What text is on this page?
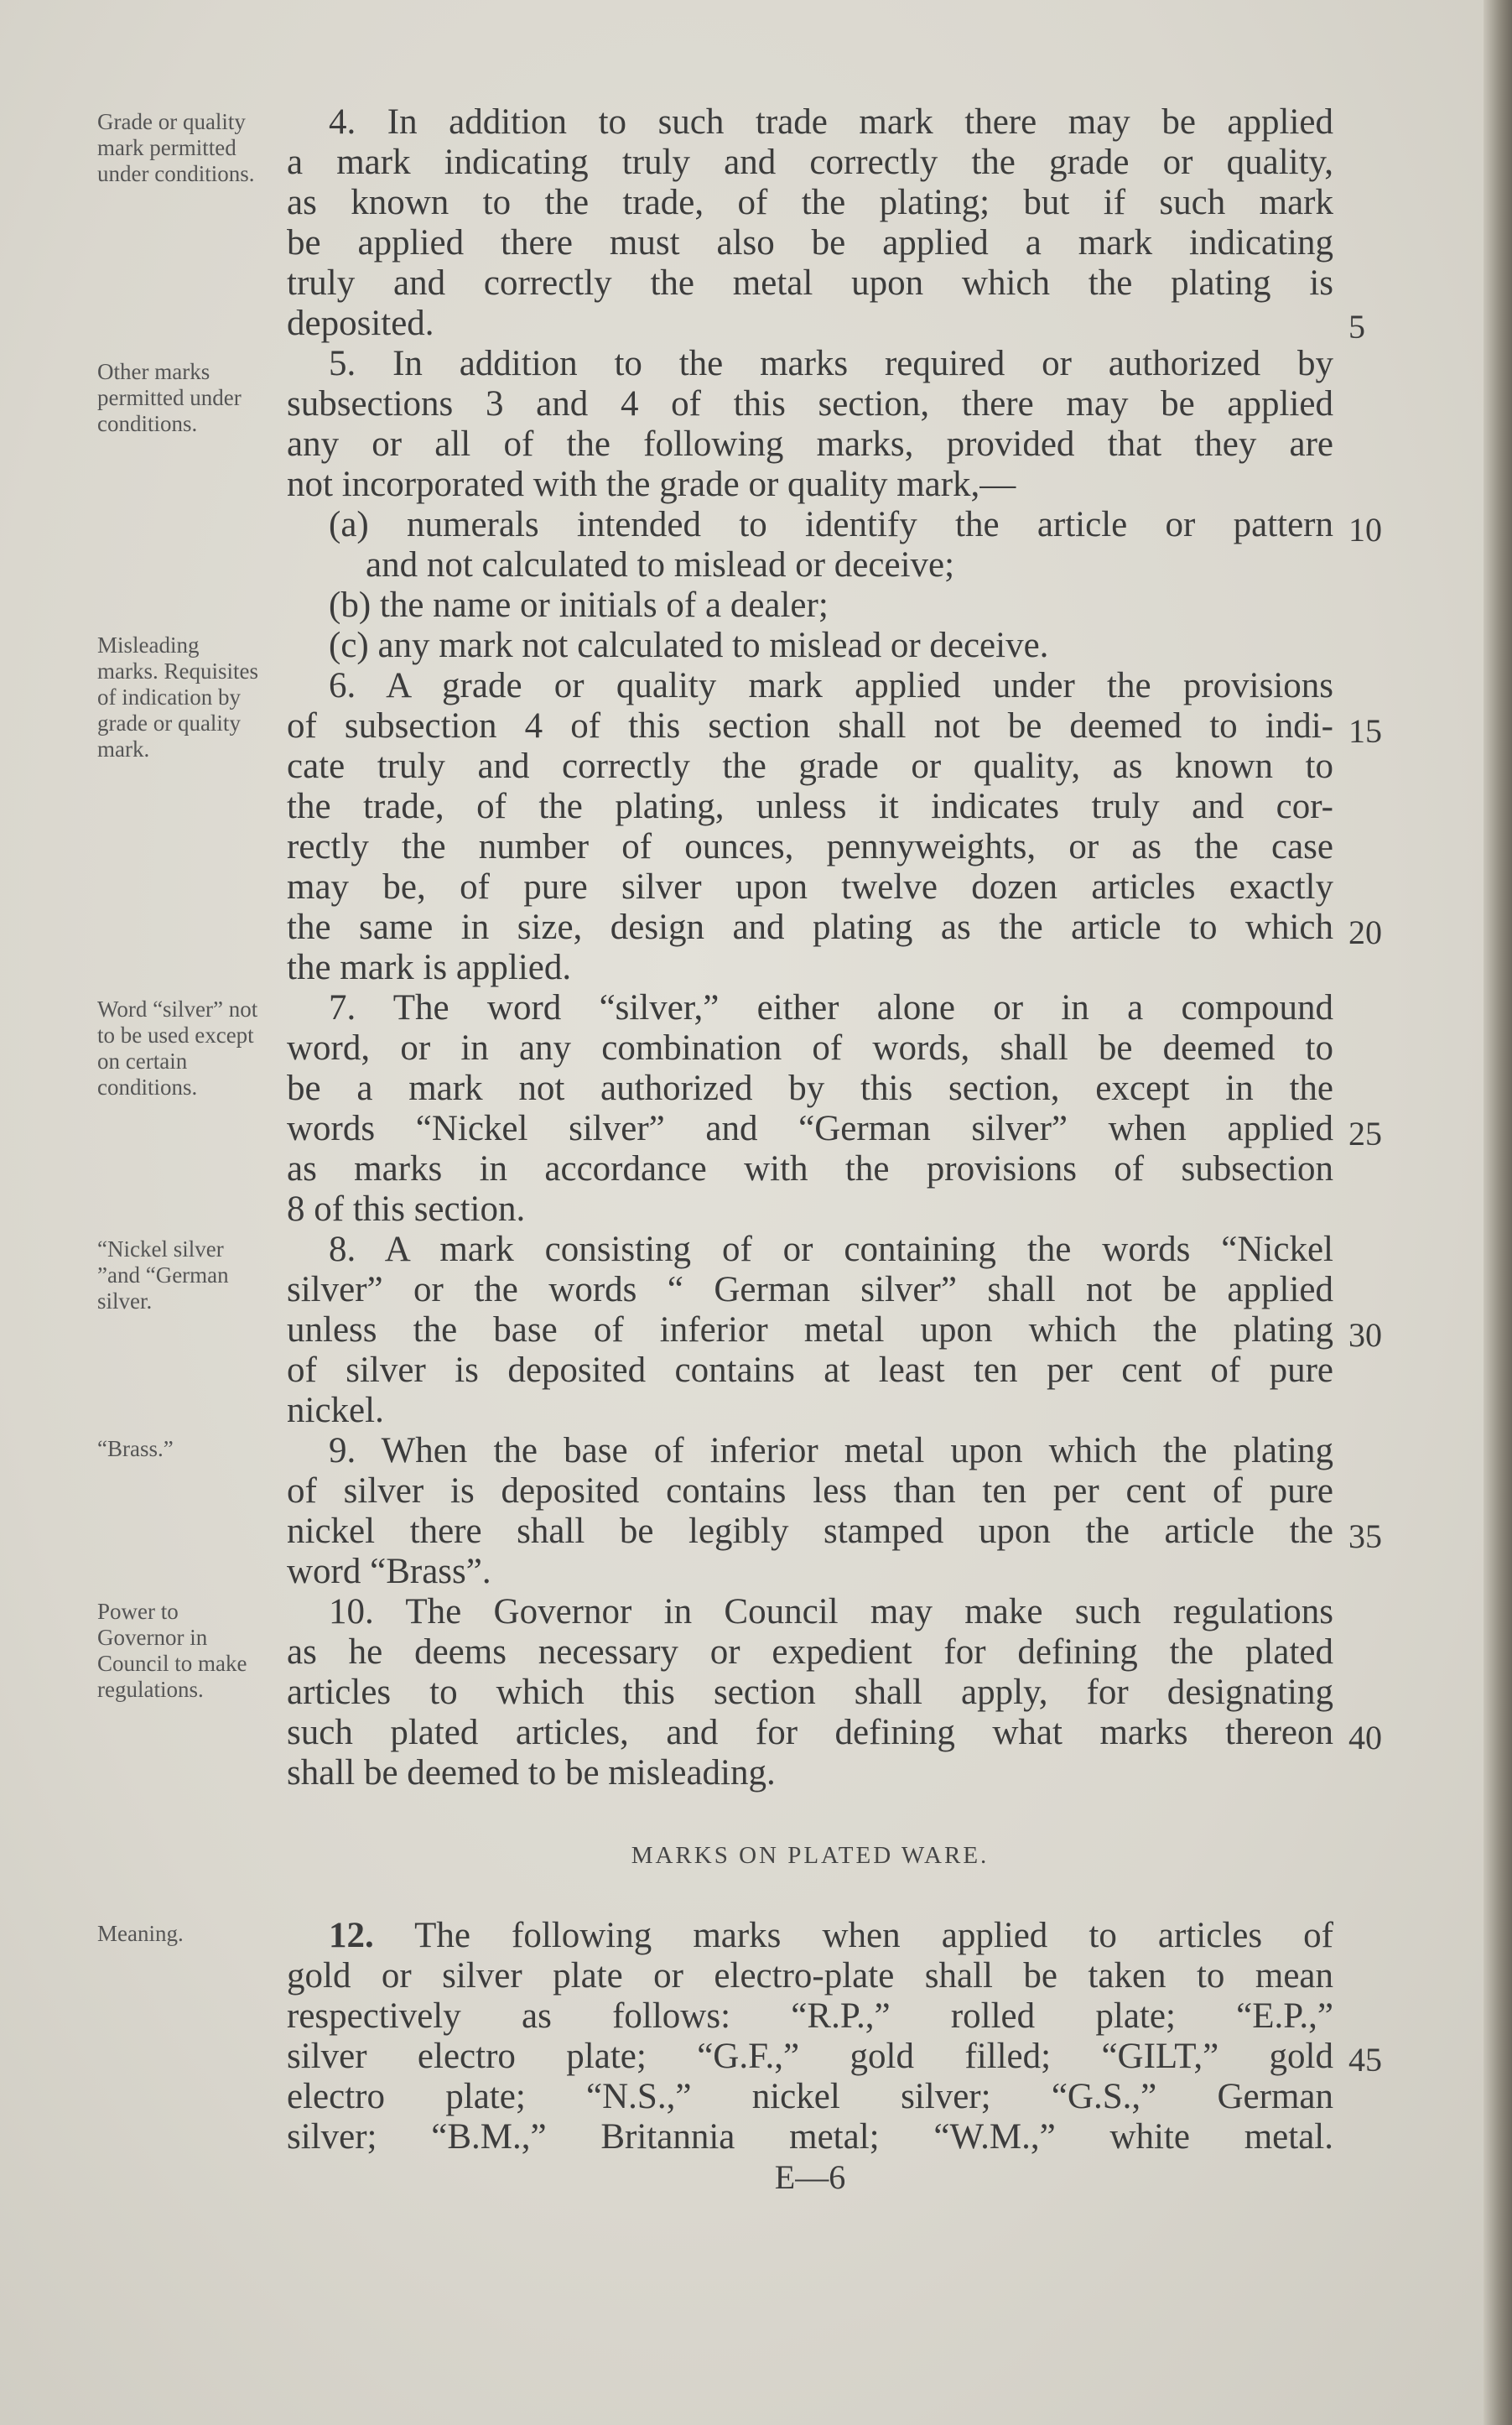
Grade or quality mark permitted under conditions.
Other marks permitted under conditions.
Misleading marks. Requisites of indication by grade or quality mark.
Word “silver” not to be used except on certain conditions.
“Nickel silver ”and “German silver.
“Brass.”
Power to Governor in Council to make regulations.
Meaning.
4. In addition to such trade mark there may be applied
a mark indicating truly and correctly the grade or quality,
as known to the trade, of the plating; but if such mark
be applied there must also be applied a mark indicating
truly and correctly the metal upon which the plating is
deposited.
5. In addition to the marks required or authorized by
subsections 3 and 4 of this section, there may be applied
any or all of the following marks, provided that they are
not incorporated with the grade or quality mark,—
(a) numerals intended to identify the article or pattern
and not calculated to mislead or deceive;
(b) the name or initials of a dealer;
(c) any mark not calculated to mislead or deceive.
6. A grade or quality mark applied under the provisions
of subsection 4 of this section shall not be deemed to indi-
cate truly and correctly the grade or quality, as known to
the trade, of the plating, unless it indicates truly and cor-
rectly the number of ounces, pennyweights, or as the case
may be, of pure silver upon twelve dozen articles exactly
the same in size, design and plating as the article to which
the mark is applied.
7. The word “silver,” either alone or in a compound
word, or in any combination of words, shall be deemed to
be a mark not authorized by this section, except in the
words “Nickel silver” and “German silver” when applied
as marks in accordance with the provisions of subsection
8 of this section.
8. A mark consisting of or containing the words “Nickel
silver” or the words “ German silver” shall not be applied
unless the base of inferior metal upon which the plating
of silver is deposited contains at least ten per cent of pure
nickel.
9. When the base of inferior metal upon which the plating
of silver is deposited contains less than ten per cent of pure
nickel there shall be legibly stamped upon the article the
word “Brass”.
10. The Governor in Council may make such regulations
as he deems necessary or expedient for defining the plated
articles to which this section shall apply, for designating
such plated articles, and for defining what marks thereon
shall be deemed to be misleading.
5
10
15
20
25
30
35
40
45
MARKS ON PLATED WARE.
12. The following marks when applied to articles of
gold or silver plate or electro-plate shall be taken to mean
respectively as follows: “R.P.,” rolled plate; “E.P.,”
silver electro plate; “G.F.,” gold filled; “GILT,” gold
electro plate; “N.S.,” nickel silver; “G.S.,” German
silver; “B.M.,” Britannia metal; “W.M.,” white metal.
E—6
